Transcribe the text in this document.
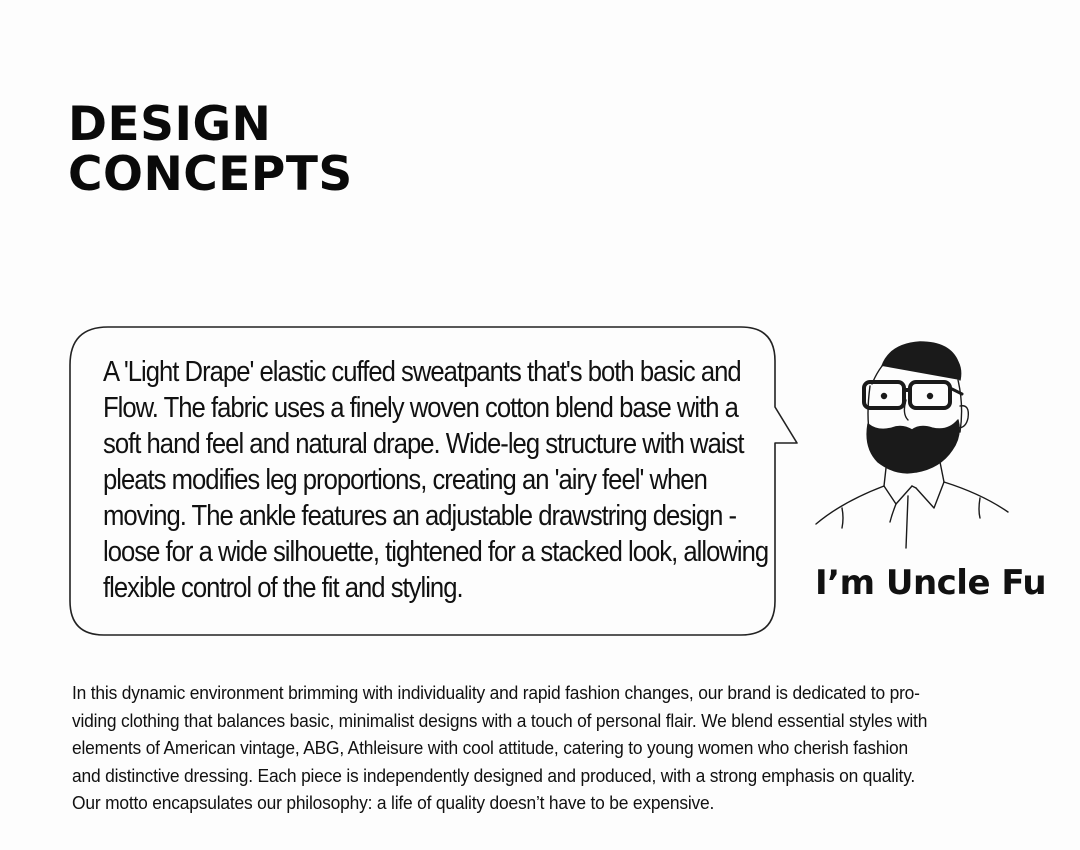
DESIGN
CONCEPTS

A 'Light Drape' elastic cuffed sweatpants that's both basic and Flow. The fabric uses a finely woven cotton blend base with a soft hand feel and natural drape. Wide-leg structure with waist pleats modifies leg proportions, creating an 'airy feel' when moving. The ankle features an adjustable drawstring design - loose for a wide silhouette, tightened for a stacked look, allowing flexible control of the fit and styling.	I’m Uncle Fu
In this dynamic environment brimming with individuality and rapid fashion changes, our brand is dedicated to pro-
viding clothing that balances basic, minimalist designs with a touch of personal flair. We blend essential styles with
elements of American vintage, ABG, Athleisure with cool attitude, catering to young women who cherish fashion
and distinctive dressing. Each piece is independently designed and produced, with a strong emphasis on quality.
Our motto encapsulates our philosophy: a life of quality doesn’t have to be expensive.
